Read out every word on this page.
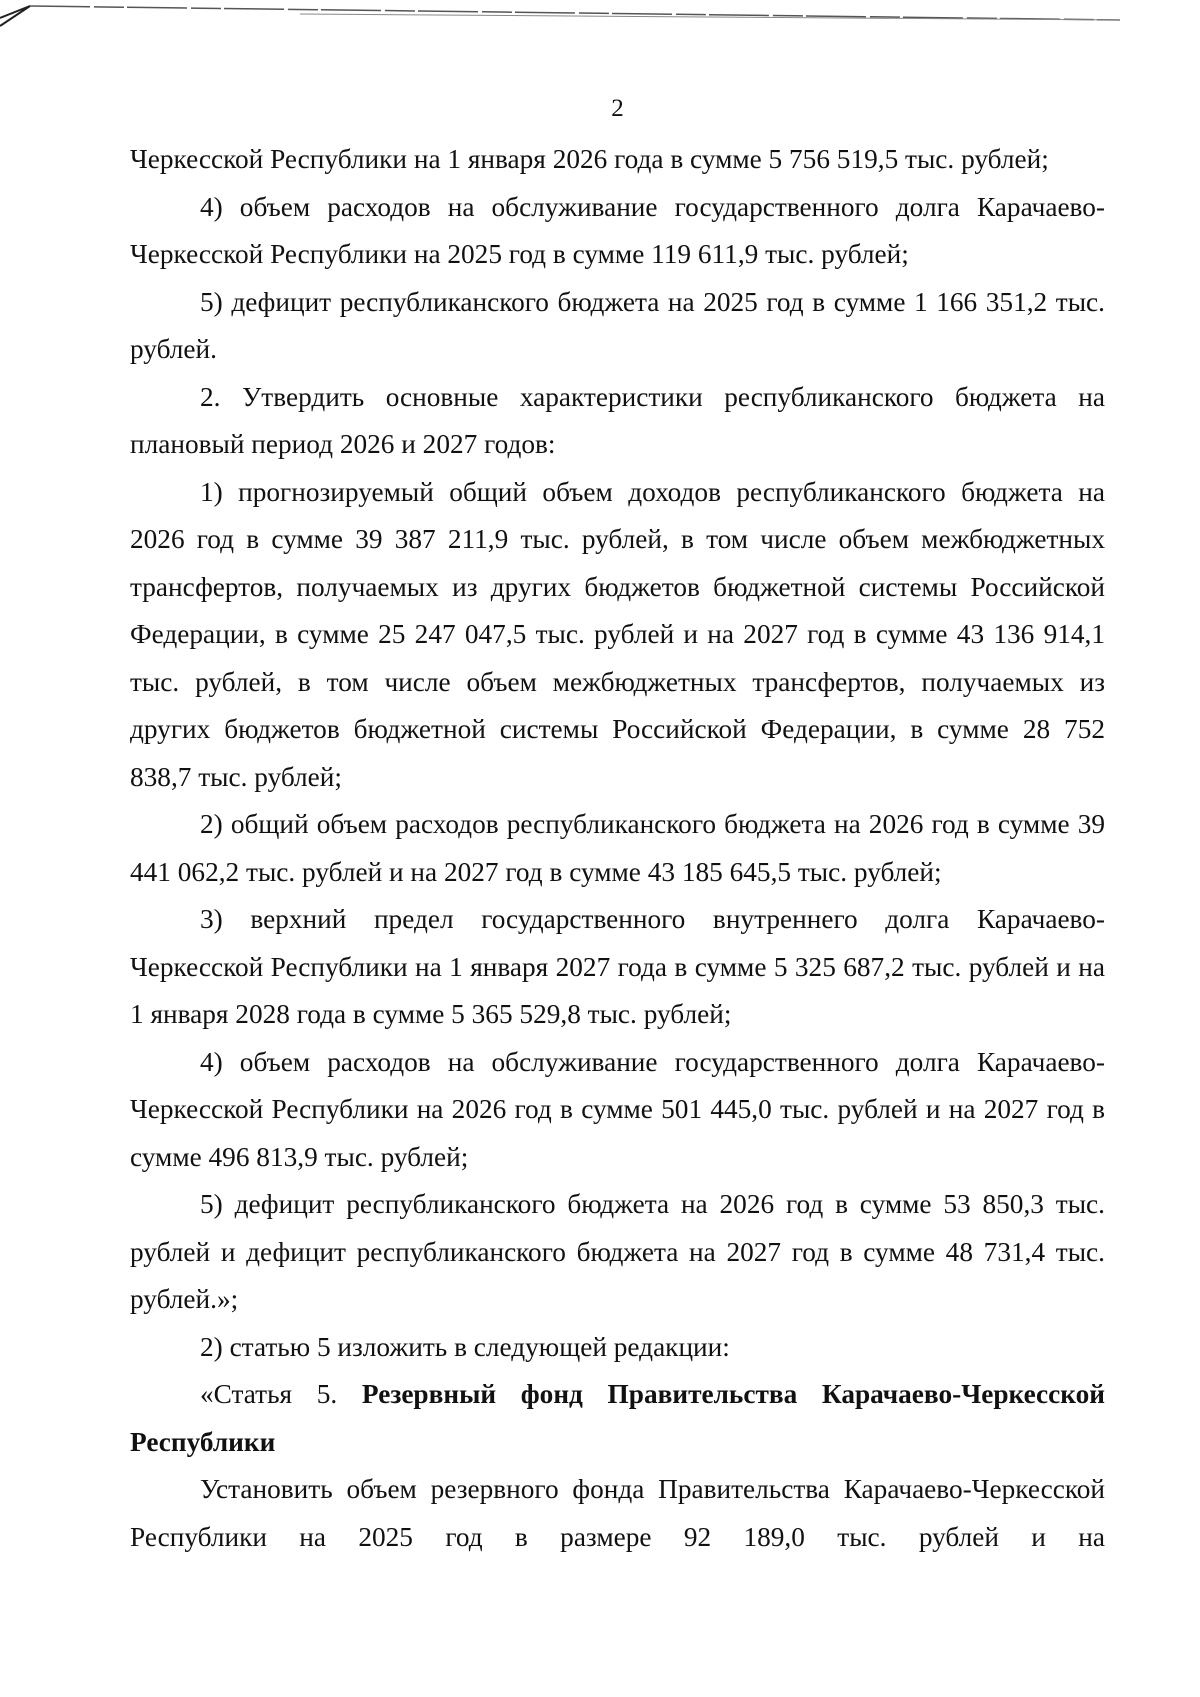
2

Черкесской Республики на 1 января 2026 года в сумме 5 756 519,5 тыс. рублей;

4) объем расходов на обслуживание государственного долга Карачаево-Черкесской Республики на 2025 год в сумме 119 611,9 тыс. рублей;

5) дефицит республиканского бюджета на 2025 год в сумме 1 166 351,2 тыс. рублей.

2. Утвердить основные характеристики республиканского бюджета на плановый период 2026 и 2027 годов:

1) прогнозируемый общий объем доходов республиканского бюджета на 2026 год в сумме 39 387 211,9 тыс. рублей, в том числе объем межбюджетных трансфертов, получаемых из других бюджетов бюджетной системы Российской Федерации, в сумме 25 247 047,5 тыс. рублей и на 2027 год в сумме 43 136 914,1 тыс. рублей, в том числе объем межбюджетных трансфертов, получаемых из других бюджетов бюджетной системы Российской Федерации, в сумме 28 752 838,7 тыс. рублей;

2) общий объем расходов республиканского бюджета на 2026 год в сумме 39 441 062,2 тыс. рублей и на 2027 год в сумме 43 185 645,5 тыс. рублей;

3) верхний предел государственного внутреннего долга Карачаево-Черкесской Республики на 1 января 2027 года в сумме 5 325 687,2 тыс. рублей и на 1 января 2028 года в сумме 5 365 529,8 тыс. рублей;

4) объем расходов на обслуживание государственного долга Карачаево-Черкесской Республики на 2026 год в сумме 501 445,0 тыс. рублей и на 2027 год в сумме 496 813,9 тыс. рублей;

5) дефицит республиканского бюджета на 2026 год в сумме 53 850,3 тыс. рублей и дефицит республиканского бюджета на 2027 год в сумме 48 731,4 тыс. рублей.»;

2) статью 5 изложить в следующей редакции:

«Статья 5. Резервный фонд Правительства Карачаево-Черкесской Республики

Установить объем резервного фонда Правительства Карачаево-Черкесской Республики на 2025 год в размере 92 189,0 тыс. рублей и на
